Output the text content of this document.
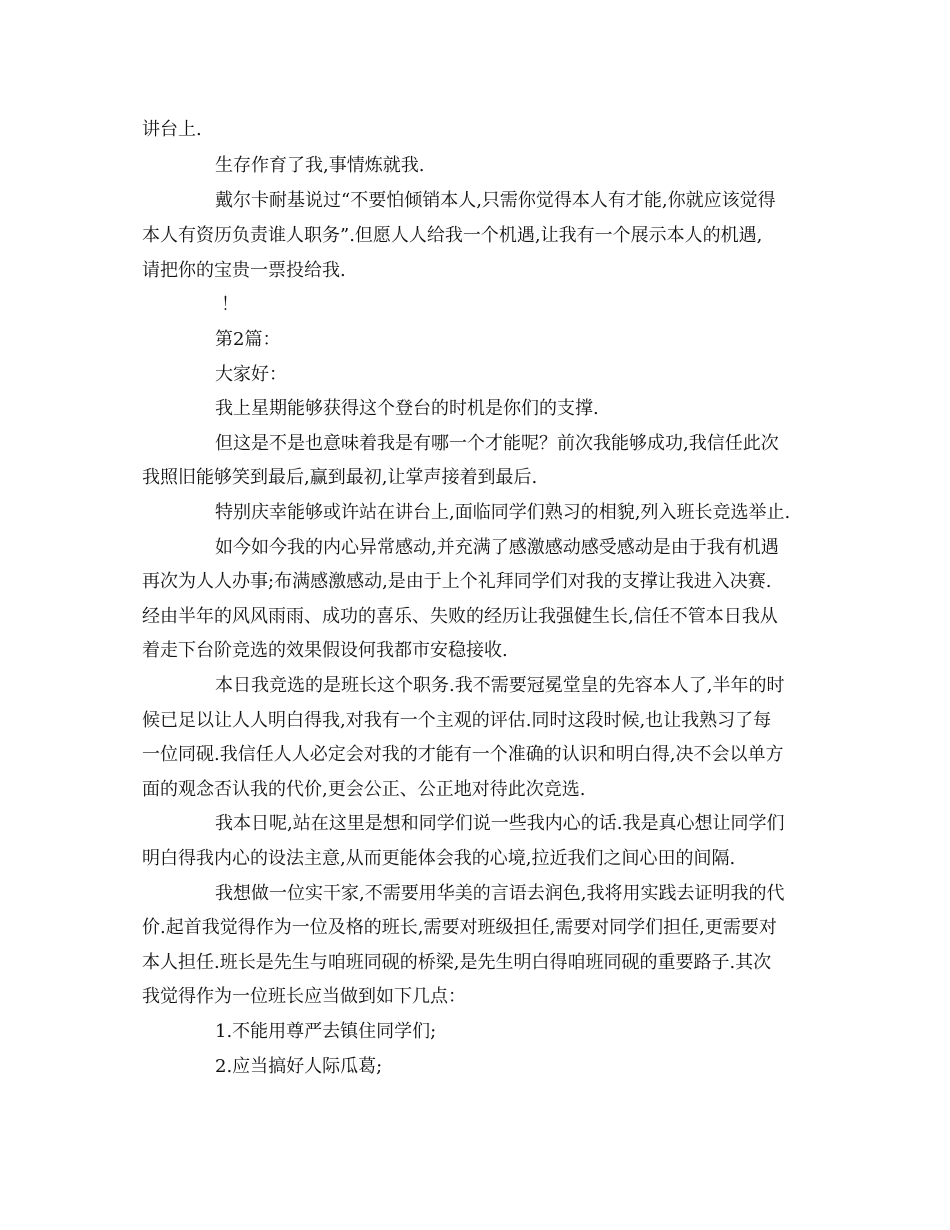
讲台上.
生存作育了我,事情炼就我.
戴尔卡耐基说过“不要怕倾销本人,只需你觉得本人有才能,你就应该觉得
本人有资历负责谁人职务”.但愿人人给我一个机遇,让我有一个展示本人的机遇,
请把你的宝贵一票投给我.
！
第2篇：
大家好：
我上星期能够获得这个登台的时机是你们的支撑.
但这是不是也意味着我是有哪一个才能呢？前次我能够成功,我信任此次
我照旧能够笑到最后,赢到最初,让掌声接着到最后.
特别庆幸能够或许站在讲台上,面临同学们熟习的相貌,列入班长竞选举止.
如今如今我的内心异常感动,并充满了感激感动感受感动是由于我有机遇
再次为人人办事;布满感激感动,是由于上个礼拜同学们对我的支撑让我进入决赛.
经由半年的风风雨雨、成功的喜乐、失败的经历让我强健生长,信任不管本日我从
着走下台阶竞选的效果假设何我都市安稳接收.
本日我竞选的是班长这个职务.我不需要冠冕堂皇的先容本人了,半年的时
候已足以让人人明白得我,对我有一个主观的评估.同时这段时候,也让我熟习了每
一位同砚.我信任人人必定会对我的才能有一个准确的认识和明白得,决不会以单方
面的观念否认我的代价,更会公正、公正地对待此次竞选.
我本日呢,站在这里是想和同学们说一些我内心的话.我是真心想让同学们
明白得我内心的设法主意,从而更能体会我的心境,拉近我们之间心田的间隔.
我想做一位实干家,不需要用华美的言语去润色,我将用实践去证明我的代
价.起首我觉得作为一位及格的班长,需要对班级担任,需要对同学们担任,更需要对
本人担任.班长是先生与咱班同砚的桥梁,是先生明白得咱班同砚的重要路子.其次
我觉得作为一位班长应当做到如下几点：
1.不能用尊严去镇住同学们;
2.应当搞好人际瓜葛;
